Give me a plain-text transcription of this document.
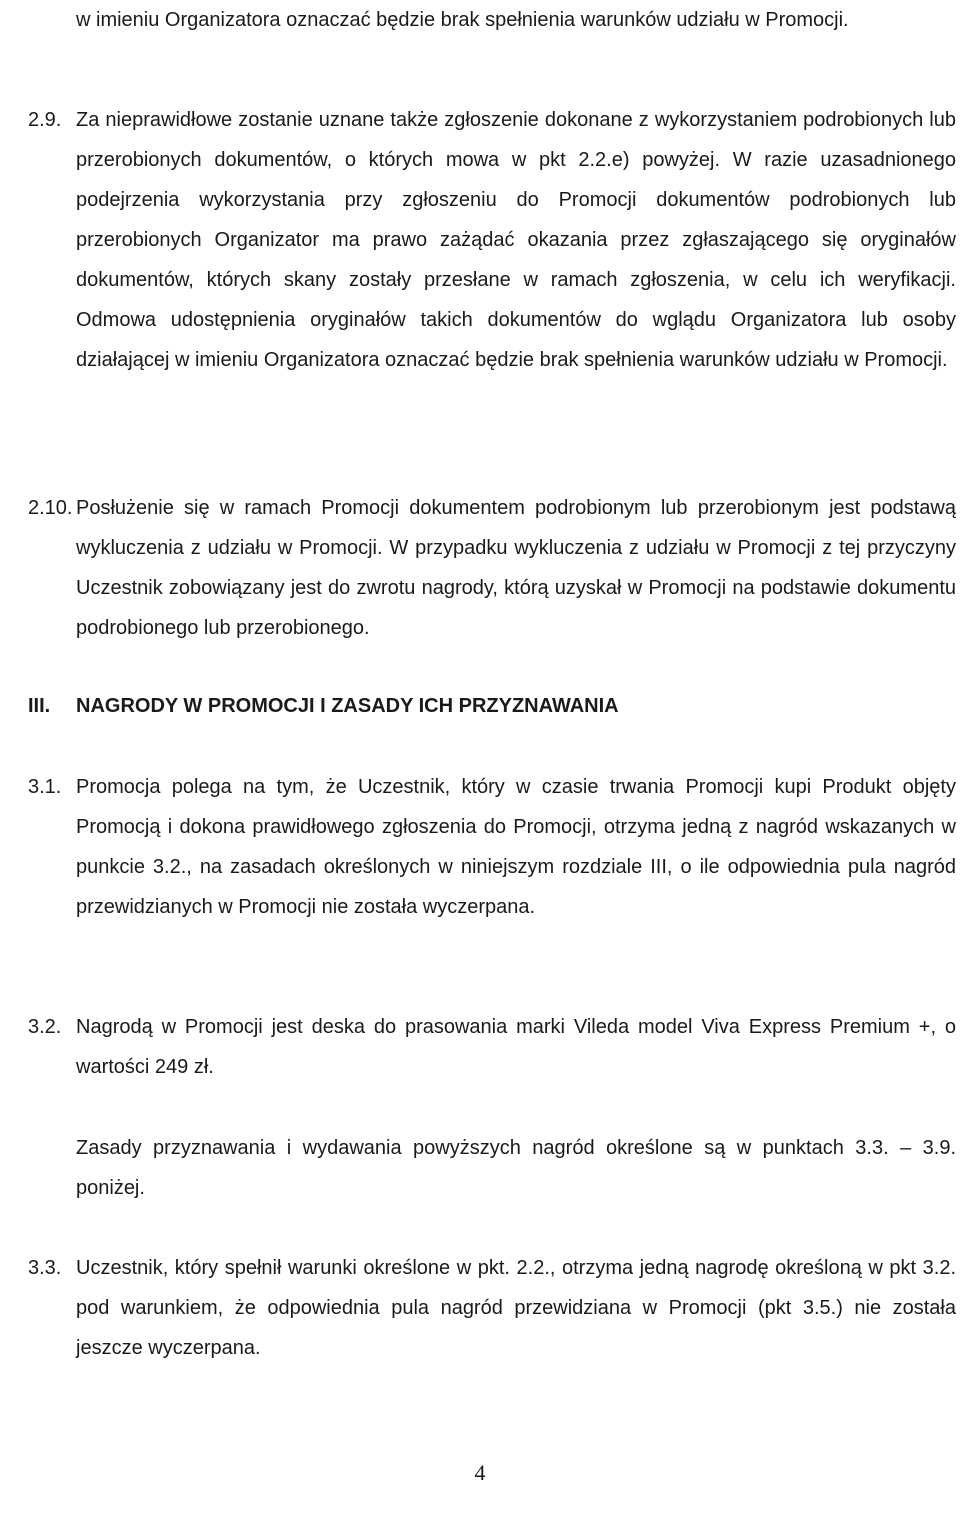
w imieniu Organizatora oznaczać będzie brak spełnienia warunków udziału w Promocji.
2.9. Za nieprawidłowe zostanie uznane także zgłoszenie dokonane z wykorzystaniem podrobionych lub przerobionych dokumentów, o których mowa w pkt 2.2.e) powyżej. W razie uzasadnionego podejrzenia wykorzystania przy zgłoszeniu do Promocji dokumentów podrobionych lub przerobionych Organizator ma prawo zażądać okazania przez zgłaszającego się oryginałów dokumentów, których skany zostały przesłane w ramach zgłoszenia, w celu ich weryfikacji. Odmowa udostępnienia oryginałów takich dokumentów do wglądu Organizatora lub osoby działającej w imieniu Organizatora oznaczać będzie brak spełnienia warunków udziału w Promocji.
2.10. Posłużenie się w ramach Promocji dokumentem podrobionym lub przerobionym jest podstawą wykluczenia z udziału w Promocji. W przypadku wykluczenia z udziału w Promocji z tej przyczyny Uczestnik zobowiązany jest do zwrotu nagrody, którą uzyskał w Promocji na podstawie dokumentu podrobionego lub przerobionego.
III. NAGRODY W PROMOCJI I ZASADY ICH PRZYZNAWANIA
3.1. Promocja polega na tym, że Uczestnik, który w czasie trwania Promocji kupi Produkt objęty Promocją i dokona prawidłowego zgłoszenia do Promocji, otrzyma jedną z nagród wskazanych w punkcie 3.2., na zasadach określonych w niniejszym rozdziale III, o ile odpowiednia pula nagród przewidzianych w Promocji nie została wyczerpana.
3.2. Nagrodą w Promocji jest deska do prasowania marki Vileda model Viva Express Premium +, o wartości 249 zł.
Zasady przyznawania i wydawania powyższych nagród określone są w punktach 3.3. – 3.9. poniżej.
3.3. Uczestnik, który spełnił warunki określone w pkt. 2.2., otrzyma jedną nagrodę określoną w pkt 3.2. pod warunkiem, że odpowiednia pula nagród przewidziana w Promocji (pkt 3.5.) nie została jeszcze wyczerpana.
4
